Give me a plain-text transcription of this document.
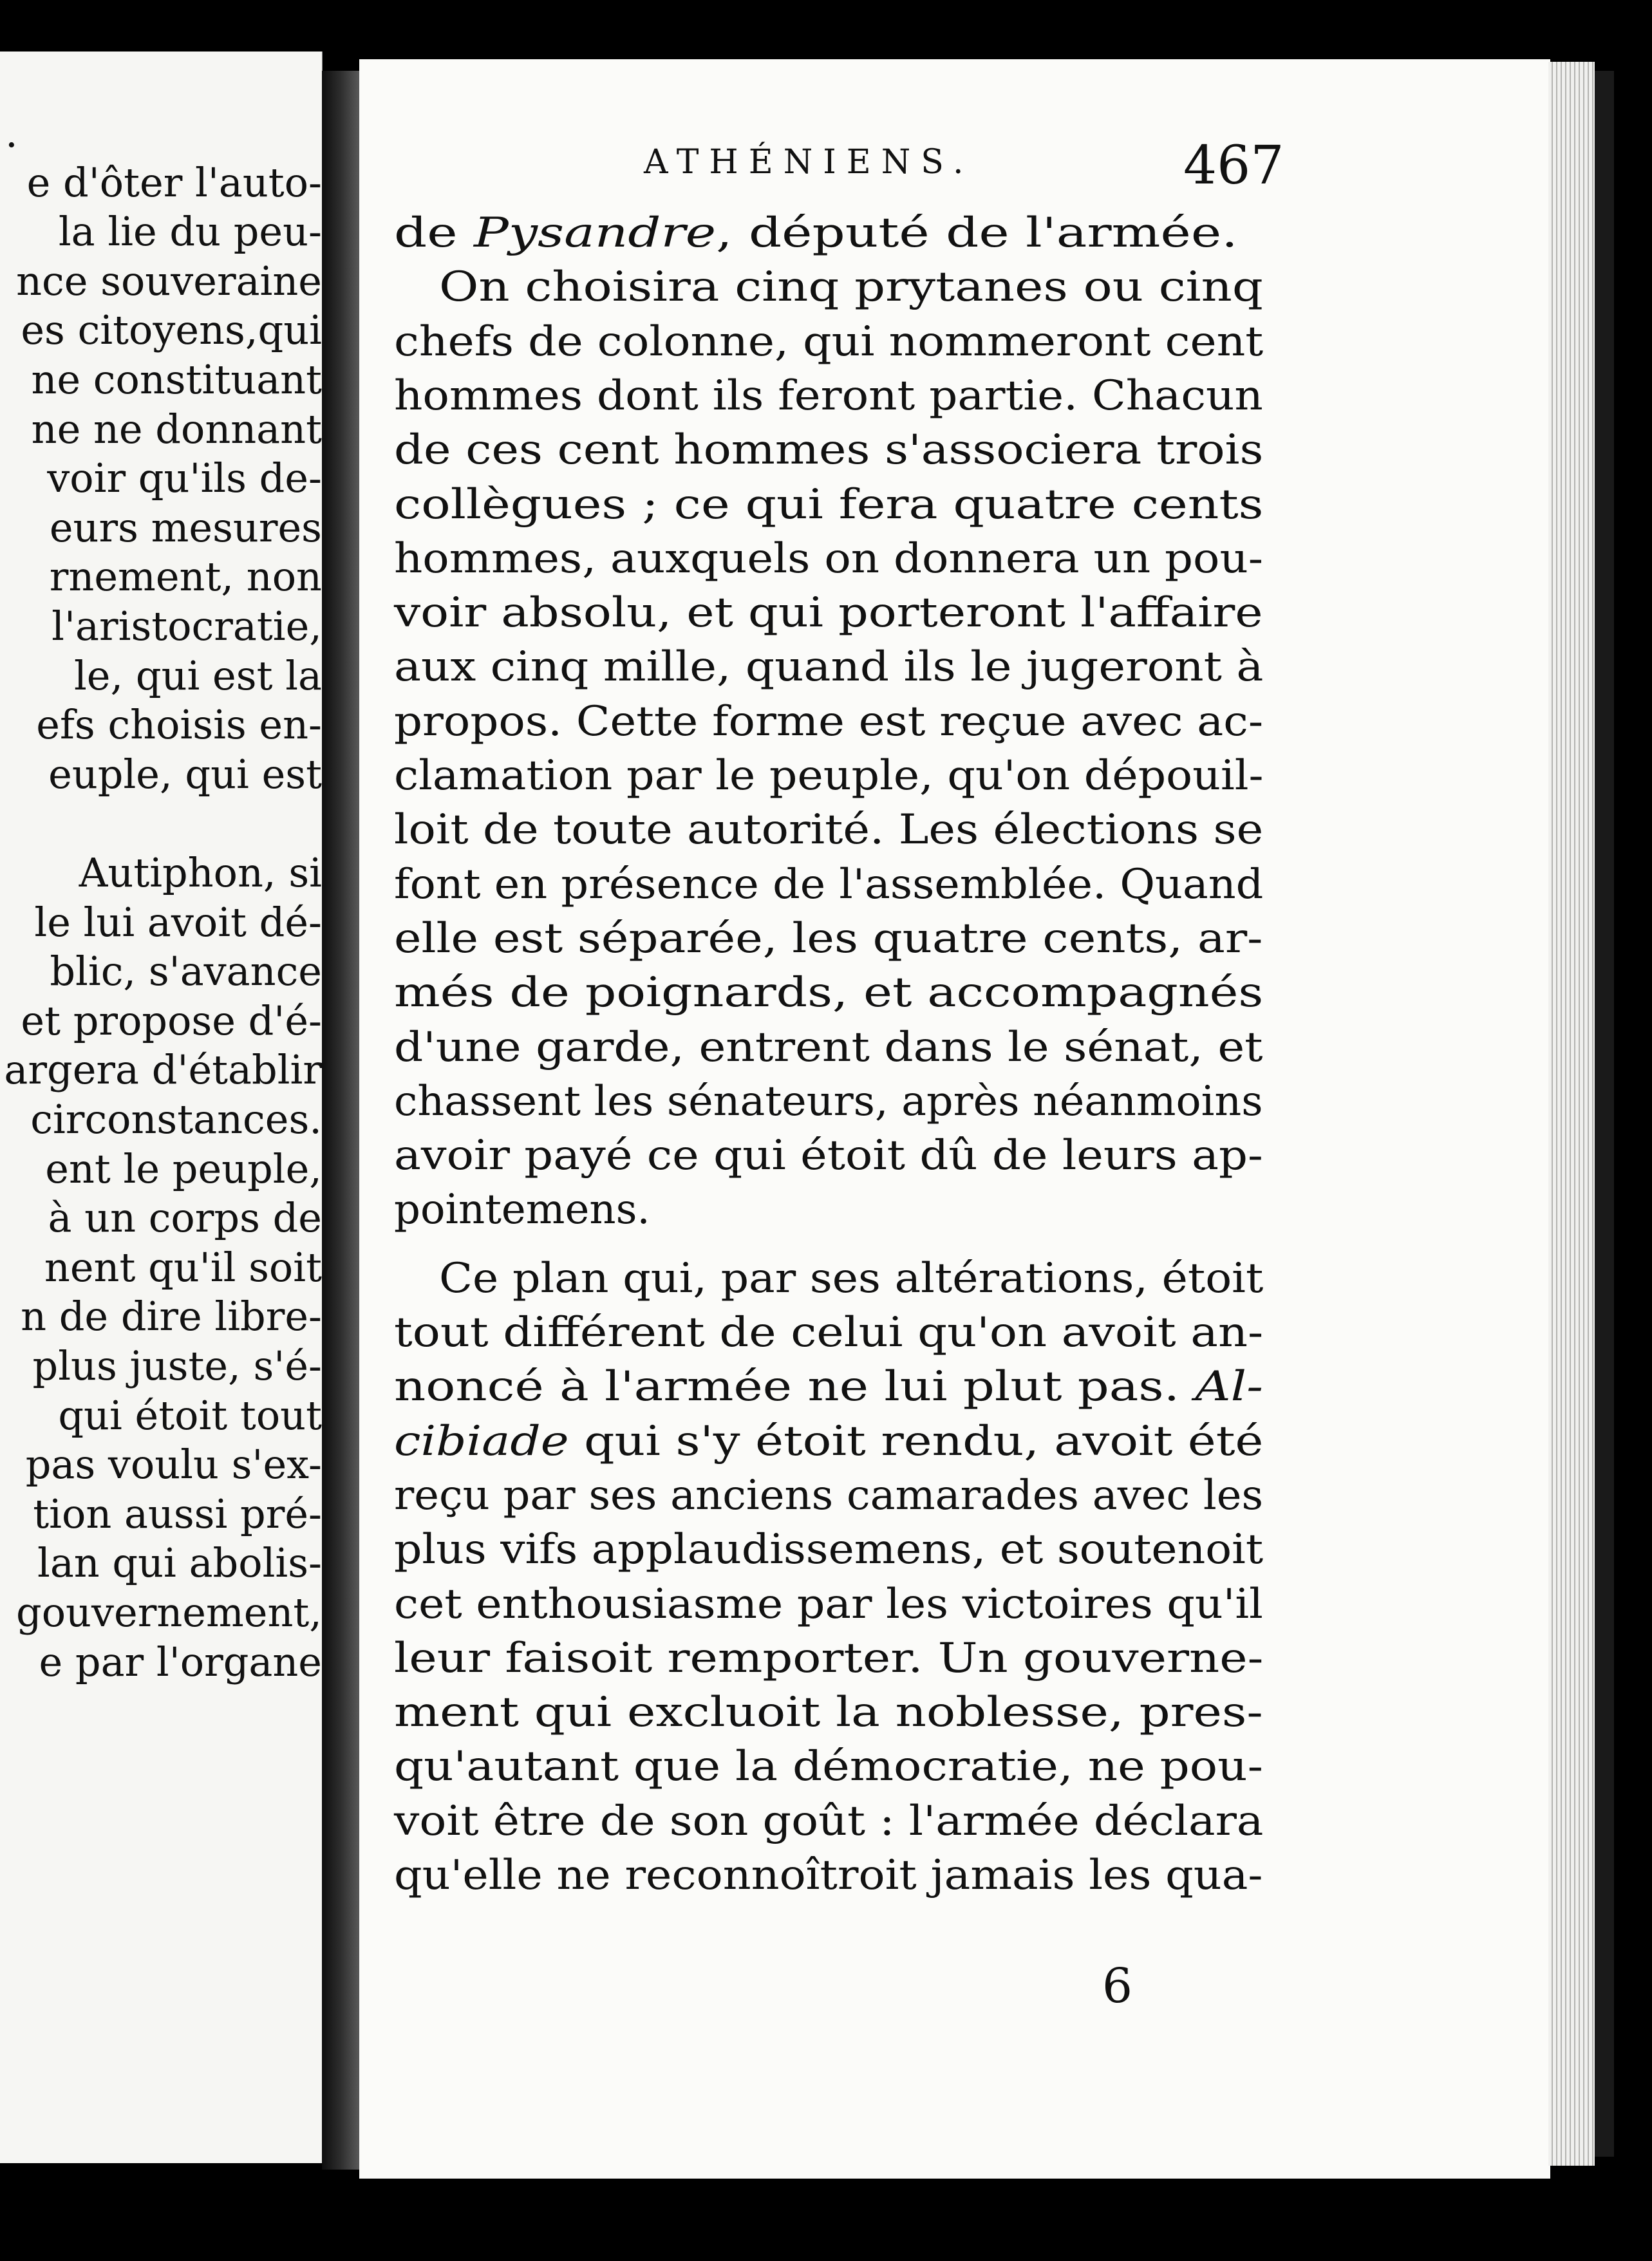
.

e d'ôter l'auto-

la lie du peu-

nce souveraine

es citoyens,qui

ne constituant

ne ne donnant

voir qu'ils de-

eurs mesures

rnement, non

l'aristocratie,

le, qui est la

efs choisis en-

euple, qui est

Autiphon, si

le lui avoit dé-

blic, s'avance

et propose d'é-

argera d'établir

circonstances.

ent le peuple,

à un corps de

nent qu'il soit

n de dire libre-

plus juste, s'é-

qui étoit tout

pas voulu s'ex-

tion aussi pré-

lan qui abolis-

gouvernement,

e par l'organe

ATHÉNIENS.	467

de Pysandre, député de l'armée.

On choisira cinq prytanes ou cinq

chefs de colonne, qui nommeront cent

hommes dont ils feront partie. Chacun

de ces cent hommes s'associera trois

collègues ; ce qui fera quatre cents

hommes, auxquels on donnera un pou-

voir absolu, et qui porteront l'affaire

aux cinq mille, quand ils le jugeront à

propos. Cette forme est reçue avec ac-

clamation par le peuple, qu'on dépouil-

loit de toute autorité. Les élections se

font en présence de l'assemblée. Quand

elle est séparée, les quatre cents, ar-

més de poignards, et accompagnés

d'une garde, entrent dans le sénat, et

chassent les sénateurs, après néanmoins

avoir payé ce qui étoit dû de leurs ap-

pointemens.

Ce plan qui, par ses altérations, étoit

tout différent de celui qu'on avoit an-

noncé à l'armée ne lui plut pas. Al-

cibiade qui s'y étoit rendu, avoit été

reçu par ses anciens camarades avec les

plus vifs applaudissemens, et soutenoit

cet enthousiasme par les victoires qu'il

leur faisoit remporter. Un gouverne-

ment qui excluoit la noblesse, pres-

qu'autant que la démocratie, ne pou-

voit être de son goût : l'armée déclara

qu'elle ne reconnoîtroit jamais les qua-

6
